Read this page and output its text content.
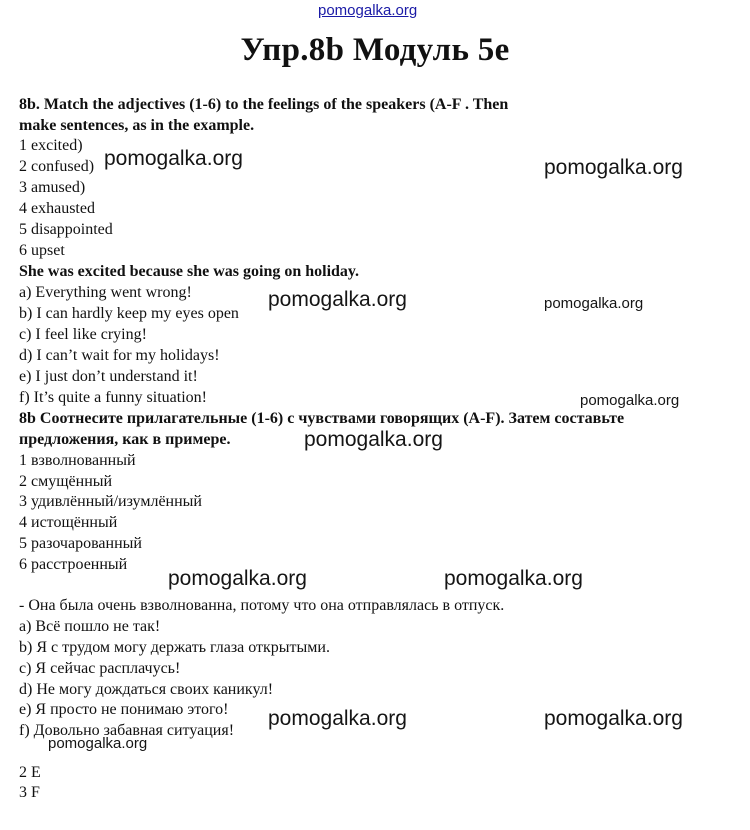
pomogalka.org
Упр.8b Модуль 5е
8b. Match the adjectives (1-6) to the feelings of the speakers (A-F . Then
make sentences, as in the example.
1 excited)
2 confused)
3 amused)
4 exhausted
5 disappointed
6 upset
She was excited because she was going on holiday.
a) Everything went wrong!
b) I can hardly keep my eyes open
c) I feel like crying!
d) I can’t wait for my holidays!
e) I just don’t understand it!
f) It’s quite a funny situation!
8b Соотнесите прилагательные (1-6) с чувствами говорящих (A-F). Затем составьте
предложения, как в примере.
1 взволнованный
2 смущённый
3 удивлённый/изумлённый
4 истощённый
5 разочарованный
6 расстроенный
- Она была очень взволнованна, потому что она отправлялась в отпуск.
a) Всё пошло не так!
b) Я с трудом могу держать глаза открытыми.
c) Я сейчас расплачусь!
d) Не могу дождаться своих каникул!
e) Я просто не понимаю этого!
f) Довольно забавная ситуация!
2 E
3 F
pomogalka.org	pomogalka.org
pomogalka.org	pomogalka.org
pomogalka.org
pomogalka.org
pomogalka.org	pomogalka.org
pomogalka.org	pomogalka.org
pomogalka.org
